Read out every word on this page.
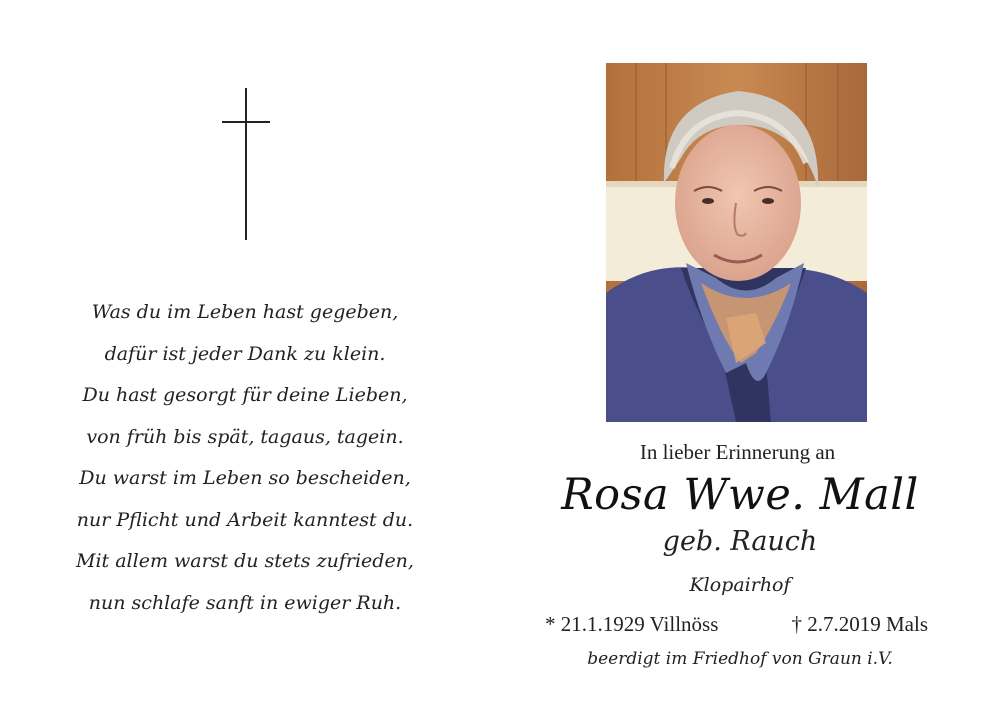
Was du im Leben hast gegeben,
dafür ist jeder Dank zu klein.
Du hast gesorgt für deine Lieben,
von früh bis spät, tagaus, tagein.
Du warst im Leben so bescheiden,
nur Pflicht und Arbeit kanntest du.
Mit allem warst du stets zufrieden,
nun schlafe sanft in ewiger Ruh.
In lieber Erinnerung an
Rosa Wwe. Mall
geb. Rauch
Klopairhof
* 21.1.1929 Villnöss	† 2.7.2019 Mals
beerdigt im Friedhof von Graun i.V.
